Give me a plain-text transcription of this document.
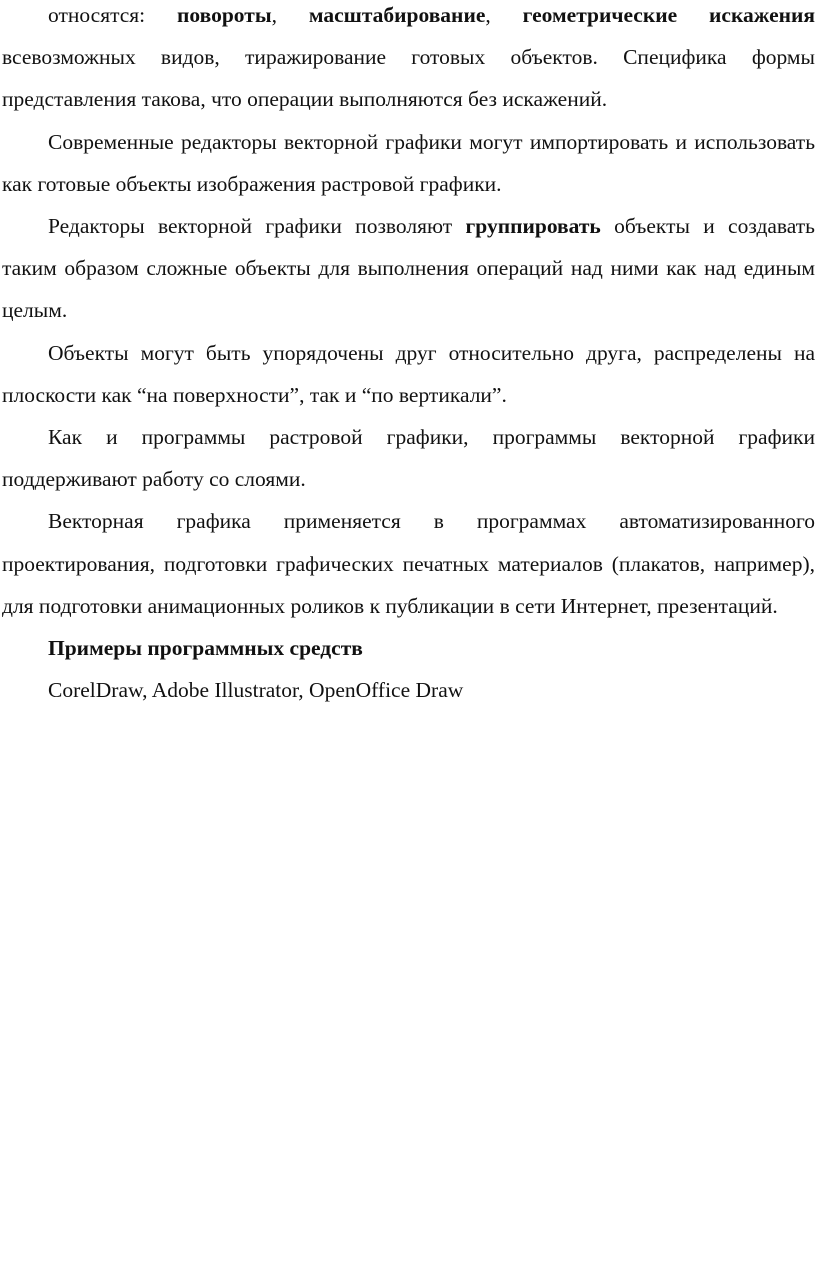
относятся: повороты, масштабирование, геометрические искажения всевозможных видов, тиражирование готовых объектов. Специфика формы представления такова, что операции выполняются без искажений.

Современные редакторы векторной графики могут импортировать и использовать как готовые объекты изображения растровой графики.

Редакторы векторной графики позволяют группировать объекты и создавать таким образом сложные объекты для выполнения операций над ними как над единым целым.

Объекты могут быть упорядочены друг относительно друга, распределены на плоскости как “на поверхности”, так и “по вертикали”.

Как и программы растровой графики, программы векторной графики поддерживают работу со слоями.

Векторная графика применяется в программах автоматизированного проектирования, подготовки графических печатных материалов (плакатов, например), для подготовки анимационных роликов к публикации в сети Интернет, презентаций.

Примеры программных средств

CorelDraw, Adobe Illustrator, OpenOffice Draw
